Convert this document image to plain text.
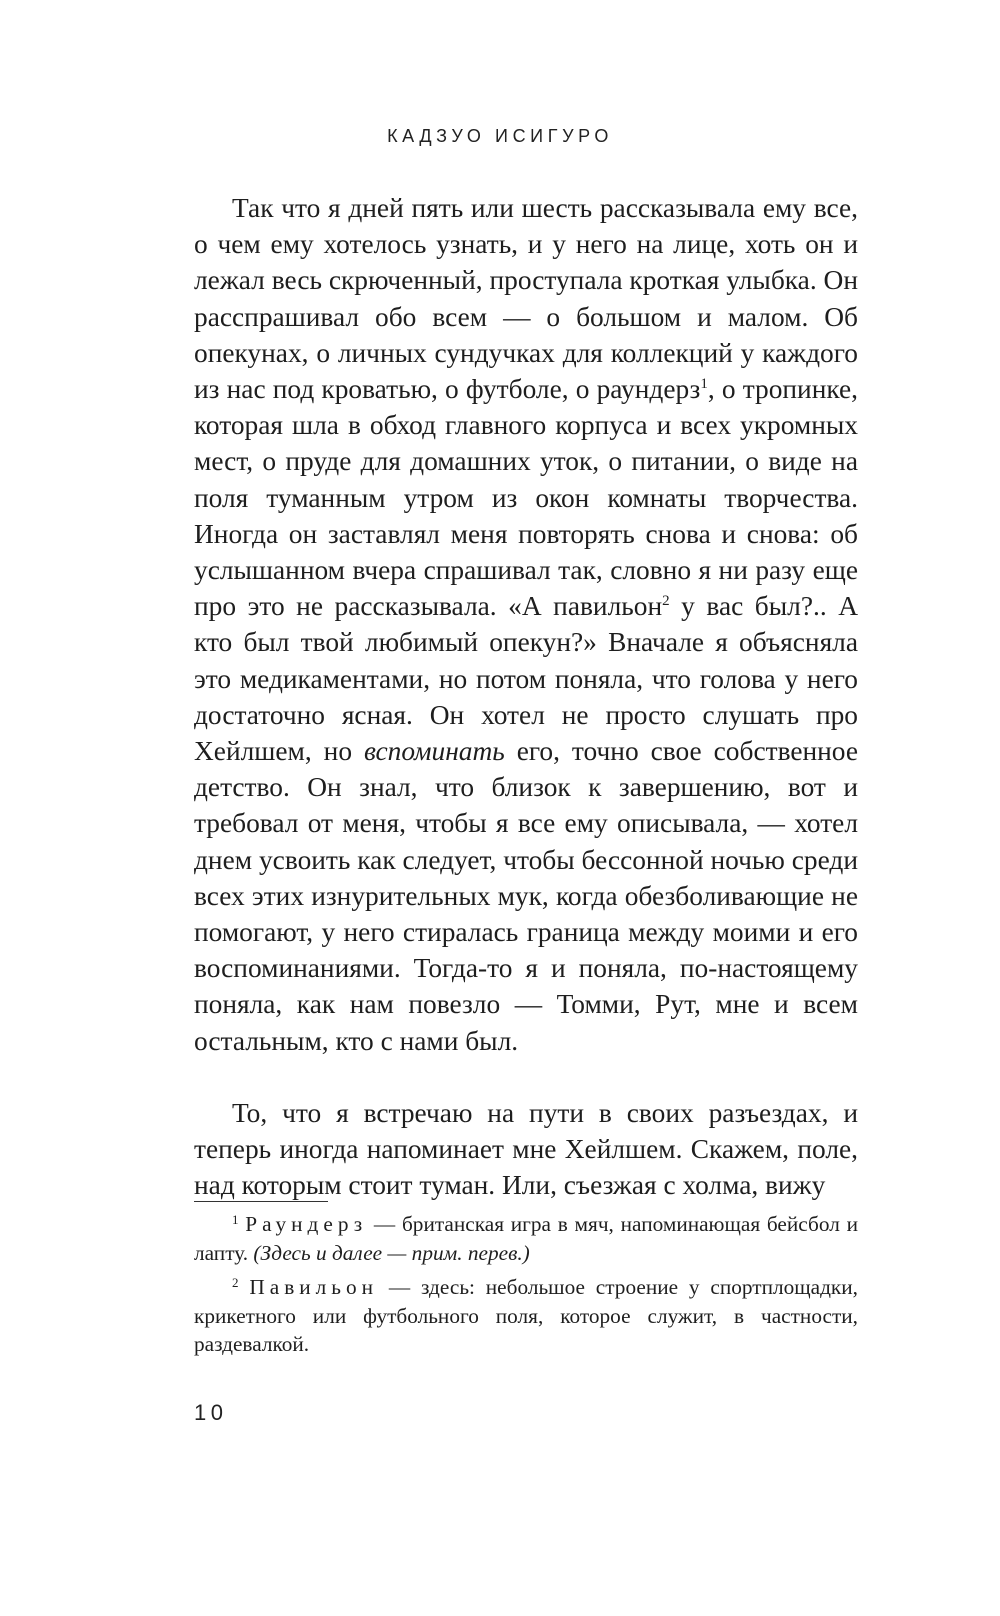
КАДЗУО ИСИГУРО

Так что я дней пять или шесть рассказывала ему все, о чем ему хотелось узнать, и у него на лице, хоть он и лежал весь скрюченный, проступала кроткая улыбка. Он расспрашивал обо всем — о большом и малом. Об опекунах, о личных сундучках для коллекций у каждого из нас под кроватью, о футболе, о раундерз$^1$, о тропинке, которая шла в обход главного корпуса и всех укромных мест, о пруде для домашних уток, о питании, о виде на поля туманным утром из окон комнаты творчества. Иногда он заставлял меня повторять снова и снова: об услышанном вчера спрашивал так, словно я ни разу еще про это не рассказывала. «А павильон$^2$ у вас был?.. А кто был твой любимый опекун?» Вначале я объясняла это медикаментами, но потом поняла, что голова у него достаточно ясная. Он хотел не просто слушать про Хейлшем, но вспоминать его, точно свое собственное детство. Он знал, что близок к завершению, вот и требовал от меня, чтобы я все ему описывала, — хотел днем усвоить как следует, чтобы бессонной ночью среди всех этих изнурительных мук, когда обезболивающие не помогают, у него стиралась граница между моими и его воспоминаниями. Тогда-то я и поняла, по-настоящему поняла, как нам повезло — Томми, Рут, мне и всем остальным, кто с нами был.

То, что я встречаю на пути в своих разъездах, и теперь иногда напоминает мне Хейлшем. Скажем, поле, над которым стоит туман. Или, съезжая с холма, вижу

$^1$ Раундерз — британская игра в мяч, напоминающая бейсбол и лапту. (Здесь и далее — прим. перев.)

$^2$ Павильон — здесь: небольшое строение у спортплощадки, крикетного или футбольного поля, которое служит, в частности, раздевалкой.

10
